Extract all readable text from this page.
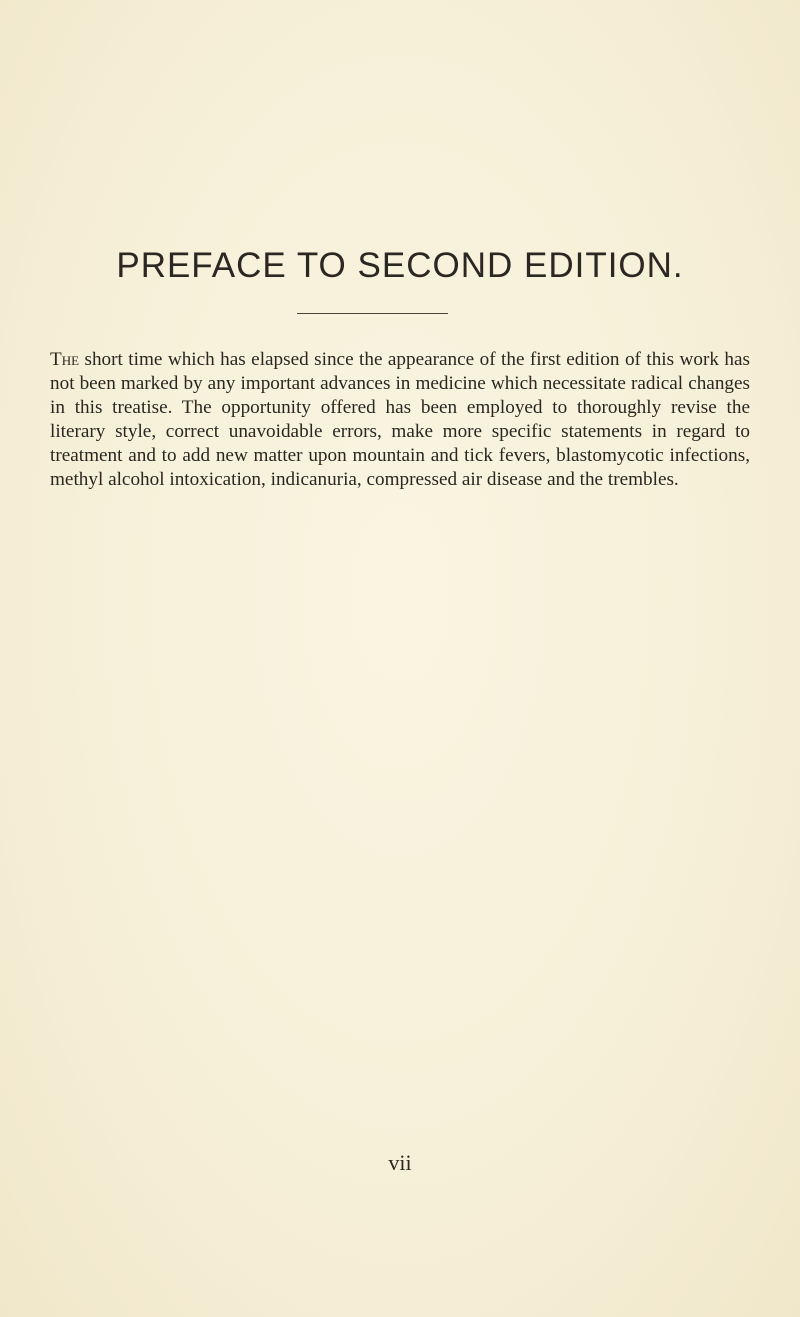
PREFACE TO SECOND EDITION.

The short time which has elapsed since the appearance of the first edition of this work has not been marked by any important advances in medicine which necessitate radical changes in this treatise. The opportunity offered has been employed to thoroughly revise the literary style, correct unavoidable errors, make more specific statements in regard to treatment and to add new matter upon mountain and tick fevers, blastomycotic infections, methyl alcohol intoxication, indicanuria, compressed air disease and the trembles.

vii
